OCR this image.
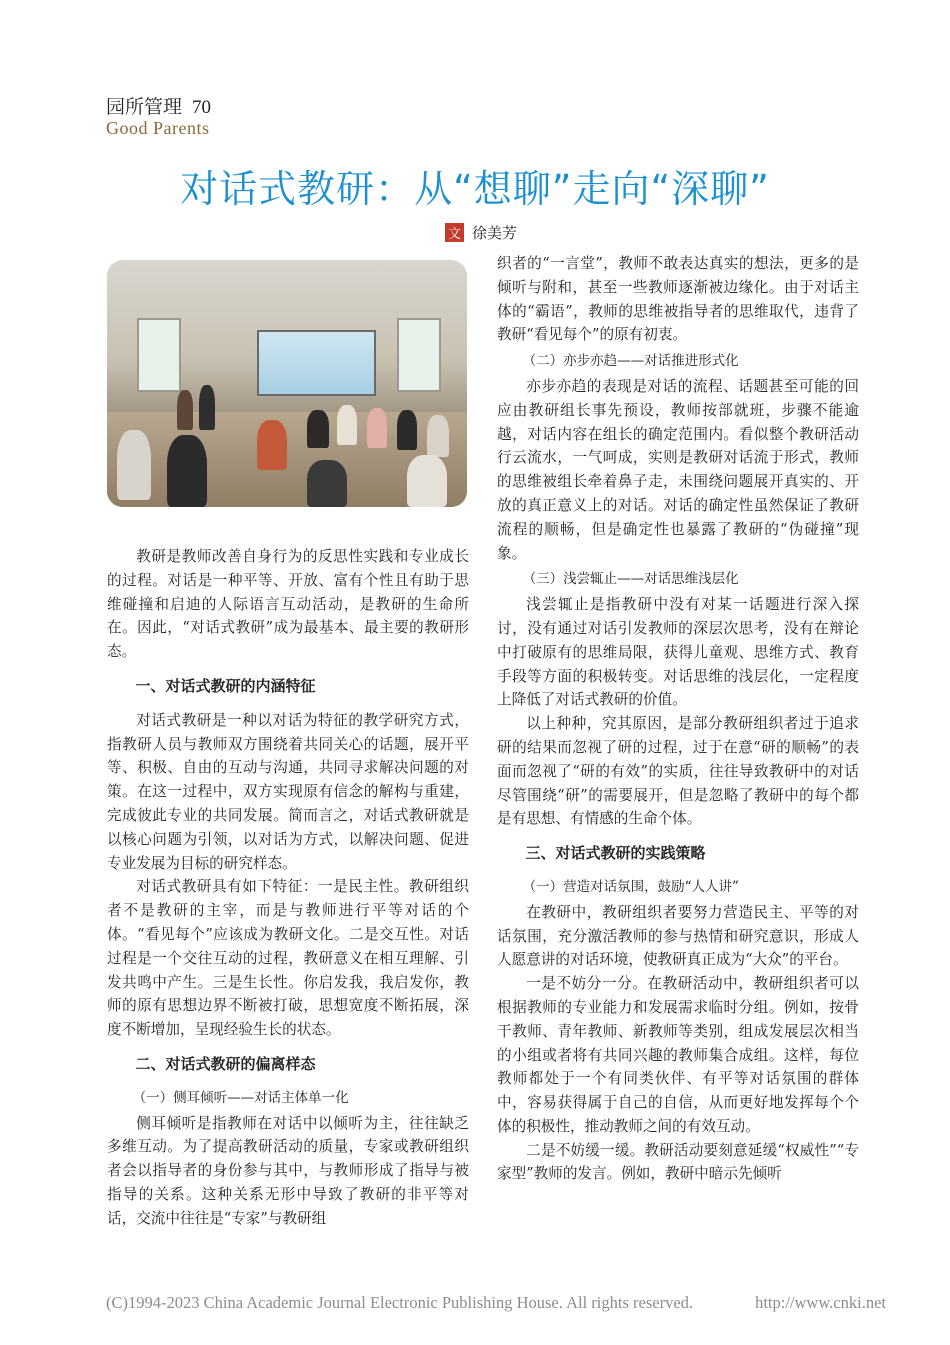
园所管理 70
Good Parents
对话式教研：从“想聊”走向“深聊”
文 徐美芳

教研是教师改善自身行为的反思性实践和专业成长的过程。对话是一种平等、开放、富有个性且有助于思维碰撞和启迪的人际语言互动活动，是教研的生命所在。因此，“对话式教研”成为最基本、最主要的教研形态。

一、对话式教研的内涵特征

对话式教研是一种以对话为特征的教学研究方式，指教研人员与教师双方围绕着共同关心的话题，展开平等、积极、自由的互动与沟通，共同寻求解决问题的对策。在这一过程中，双方实现原有信念的解构与重建，完成彼此专业的共同发展。简而言之，对话式教研就是以核心问题为引领，以对话为方式，以解决问题、促进专业发展为目标的研究样态。

对话式教研具有如下特征：一是民主性。教研组织者不是教研的主宰，而是与教师进行平等对话的个体。“看见每个”应该成为教研文化。二是交互性。对话过程是一个交往互动的过程，教研意义在相互理解、引发共鸣中产生。三是生长性。你启发我，我启发你，教师的原有思想边界不断被打破，思想宽度不断拓展，深度不断增加，呈现经验生长的状态。

二、对话式教研的偏离样态
（一）侧耳倾听——对话主体单一化

侧耳倾听是指教师在对话中以倾听为主，往往缺乏多维互动。为了提高教研活动的质量，专家或教研组织者会以指导者的身份参与其中，与教师形成了指导与被指导的关系。这种关系无形中导致了教研的非平等对话，交流中往往是“专家”与教研组

织者的“一言堂”，教师不敢表达真实的想法，更多的是倾听与附和，甚至一些教师逐渐被边缘化。由于对话主体的“霸语”，教师的思维被指导者的思维取代，违背了教研“看见每个”的原有初衷。

（二）亦步亦趋——对话推进形式化

亦步亦趋的表现是对话的流程、话题甚至可能的回应由教研组长事先预设，教师按部就班，步骤不能逾越，对话内容在组长的确定范围内。看似整个教研活动行云流水，一气呵成，实则是教研对话流于形式，教师的思维被组长牵着鼻子走，未围绕问题展开真实的、开放的真正意义上的对话。对话的确定性虽然保证了教研流程的顺畅，但是确定性也暴露了教研的“伪碰撞”现象。

（三）浅尝辄止——对话思维浅层化

浅尝辄止是指教研中没有对某一话题进行深入探讨，没有通过对话引发教师的深层次思考，没有在辩论中打破原有的思维局限，获得儿童观、思维方式、教育手段等方面的积极转变。对话思维的浅层化，一定程度上降低了对话式教研的价值。

以上种种，究其原因，是部分教研组织者过于追求研的结果而忽视了研的过程，过于在意“研的顺畅”的表面而忽视了“研的有效”的实质，往往导致教研中的对话尽管围绕“研”的需要展开，但是忽略了教研中的每个都是有思想、有情感的生命个体。

三、对话式教研的实践策略
（一）营造对话氛围，鼓励“人人讲”

在教研中，教研组织者要努力营造民主、平等的对话氛围，充分激活教师的参与热情和研究意识，形成人人愿意讲的对话环境，使教研真正成为“大众”的平台。

一是不妨分一分。在教研活动中，教研组织者可以根据教师的专业能力和发展需求临时分组。例如，按骨干教师、青年教师、新教师等类别，组成发展层次相当的小组或者将有共同兴趣的教师集合成组。这样，每位教师都处于一个有同类伙伴、有平等对话氛围的群体中，容易获得属于自己的自信，从而更好地发挥每个个体的积极性，推动教师之间的有效互动。

二是不妨缓一缓。教研活动要刻意延缓“权威性”“专家型”教师的发言。例如，教研中暗示先倾听

(C)1994-2023 China Academic Journal Electronic Publishing House. All rights reserved.	http://www.cnki.net
